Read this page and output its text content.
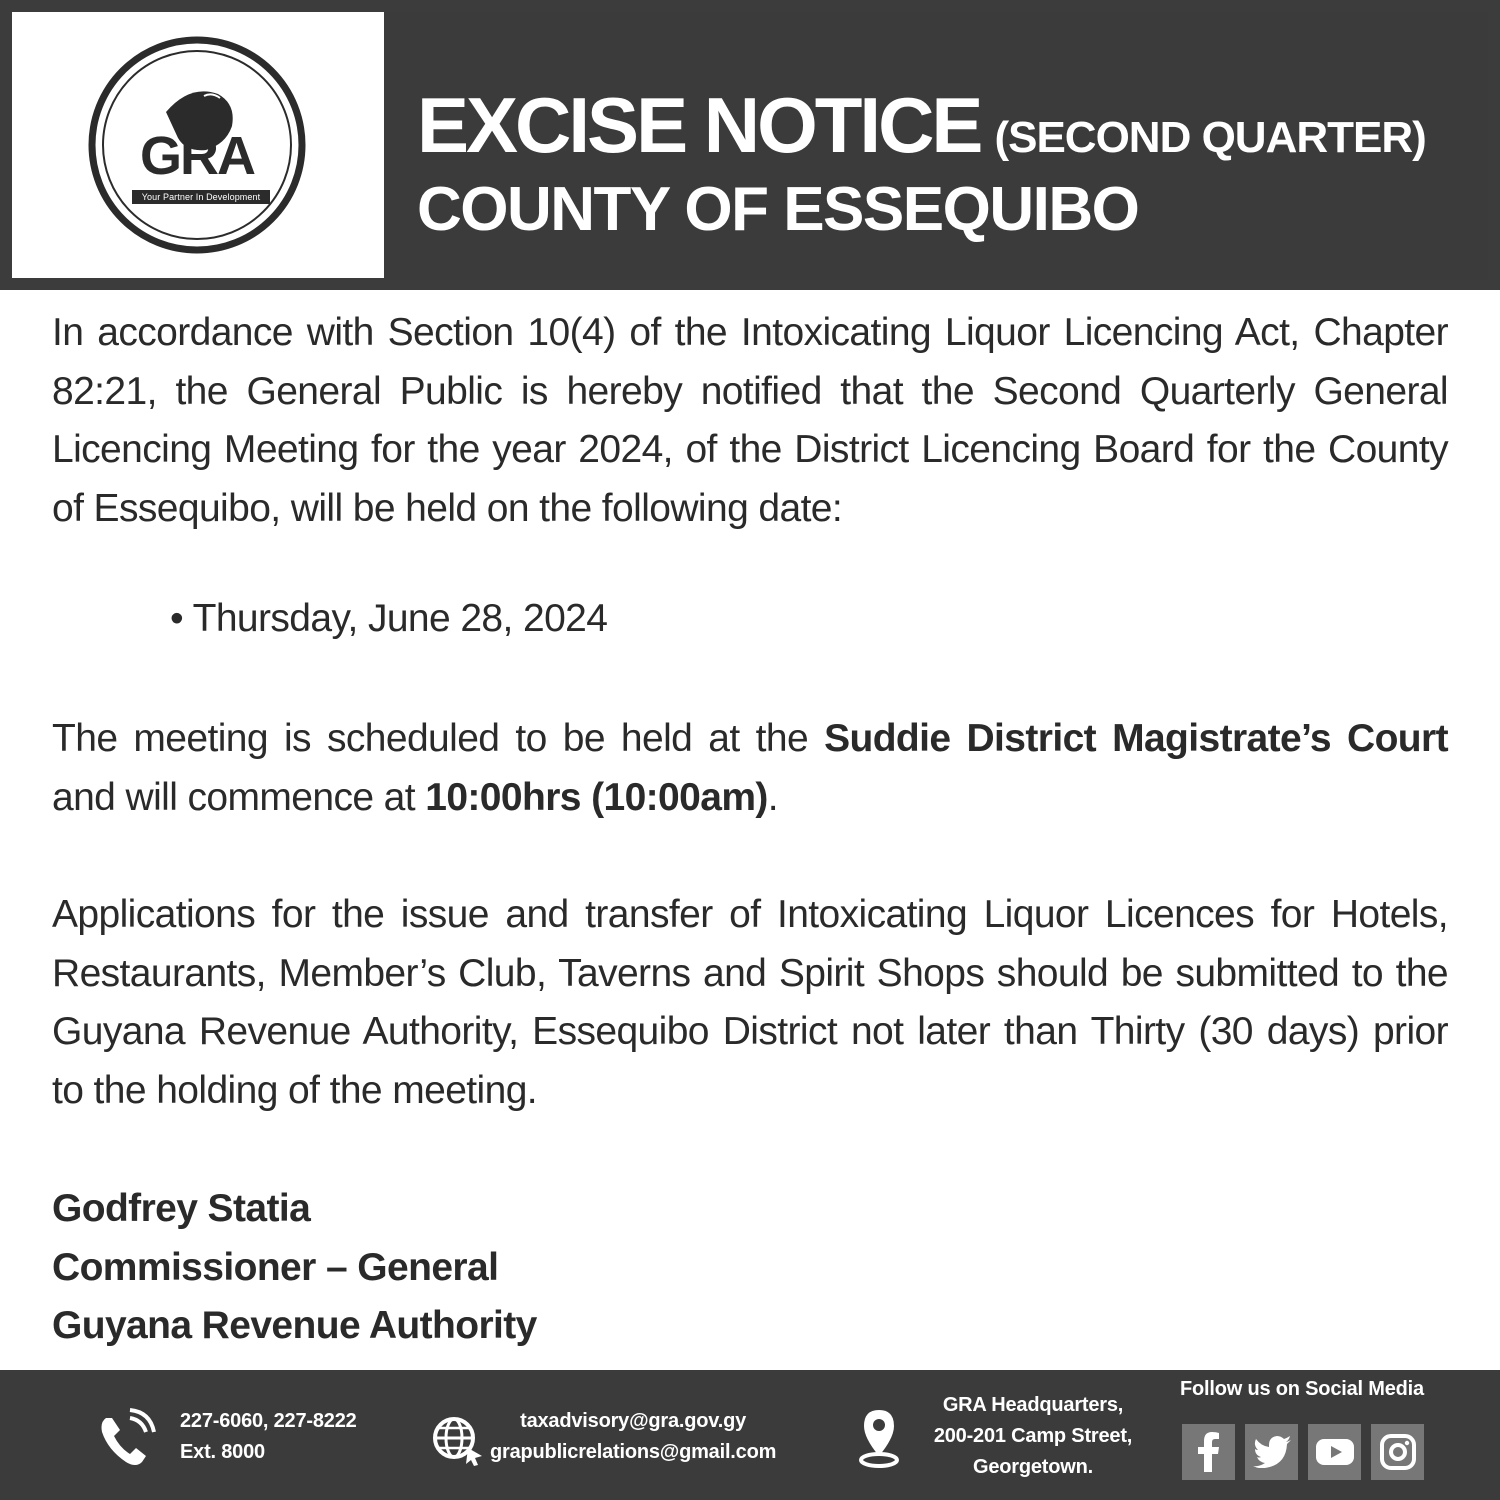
GRA
Your Partner In Development
EXCISE NOTICE (SECOND QUARTER)
COUNTY OF ESSEQUIBO

In accordance with Section 10(4) of the Intoxicating Liquor Licencing Act, Chapter 82:21, the General Public is hereby notified that the Second Quarterly General Licencing Meeting for the year 2024, of the District Licencing Board for the County of Essequibo, will be held on the following date:

• Thursday, June 28, 2024

The meeting is scheduled to be held at the Suddie District Magistrate’s Court and will commence at 10:00hrs (10:00am).

Applications for the issue and transfer of Intoxicating Liquor Licences for Hotels, Restaurants, Member’s Club, Taverns and Spirit Shops should be submitted to the Guyana Revenue Authority, Essequibo District not later than Thirty (30 days) prior to the holding of the meeting.

Godfrey Statia
Commissioner – General
Guyana Revenue Authority
227-6060, 227-8222
Ext. 8000
taxadvisory@gra.gov.gy
grapublicrelations@gmail.com
GRA Headquarters,
200-201 Camp Street,
Georgetown.
Follow us on Social Media
